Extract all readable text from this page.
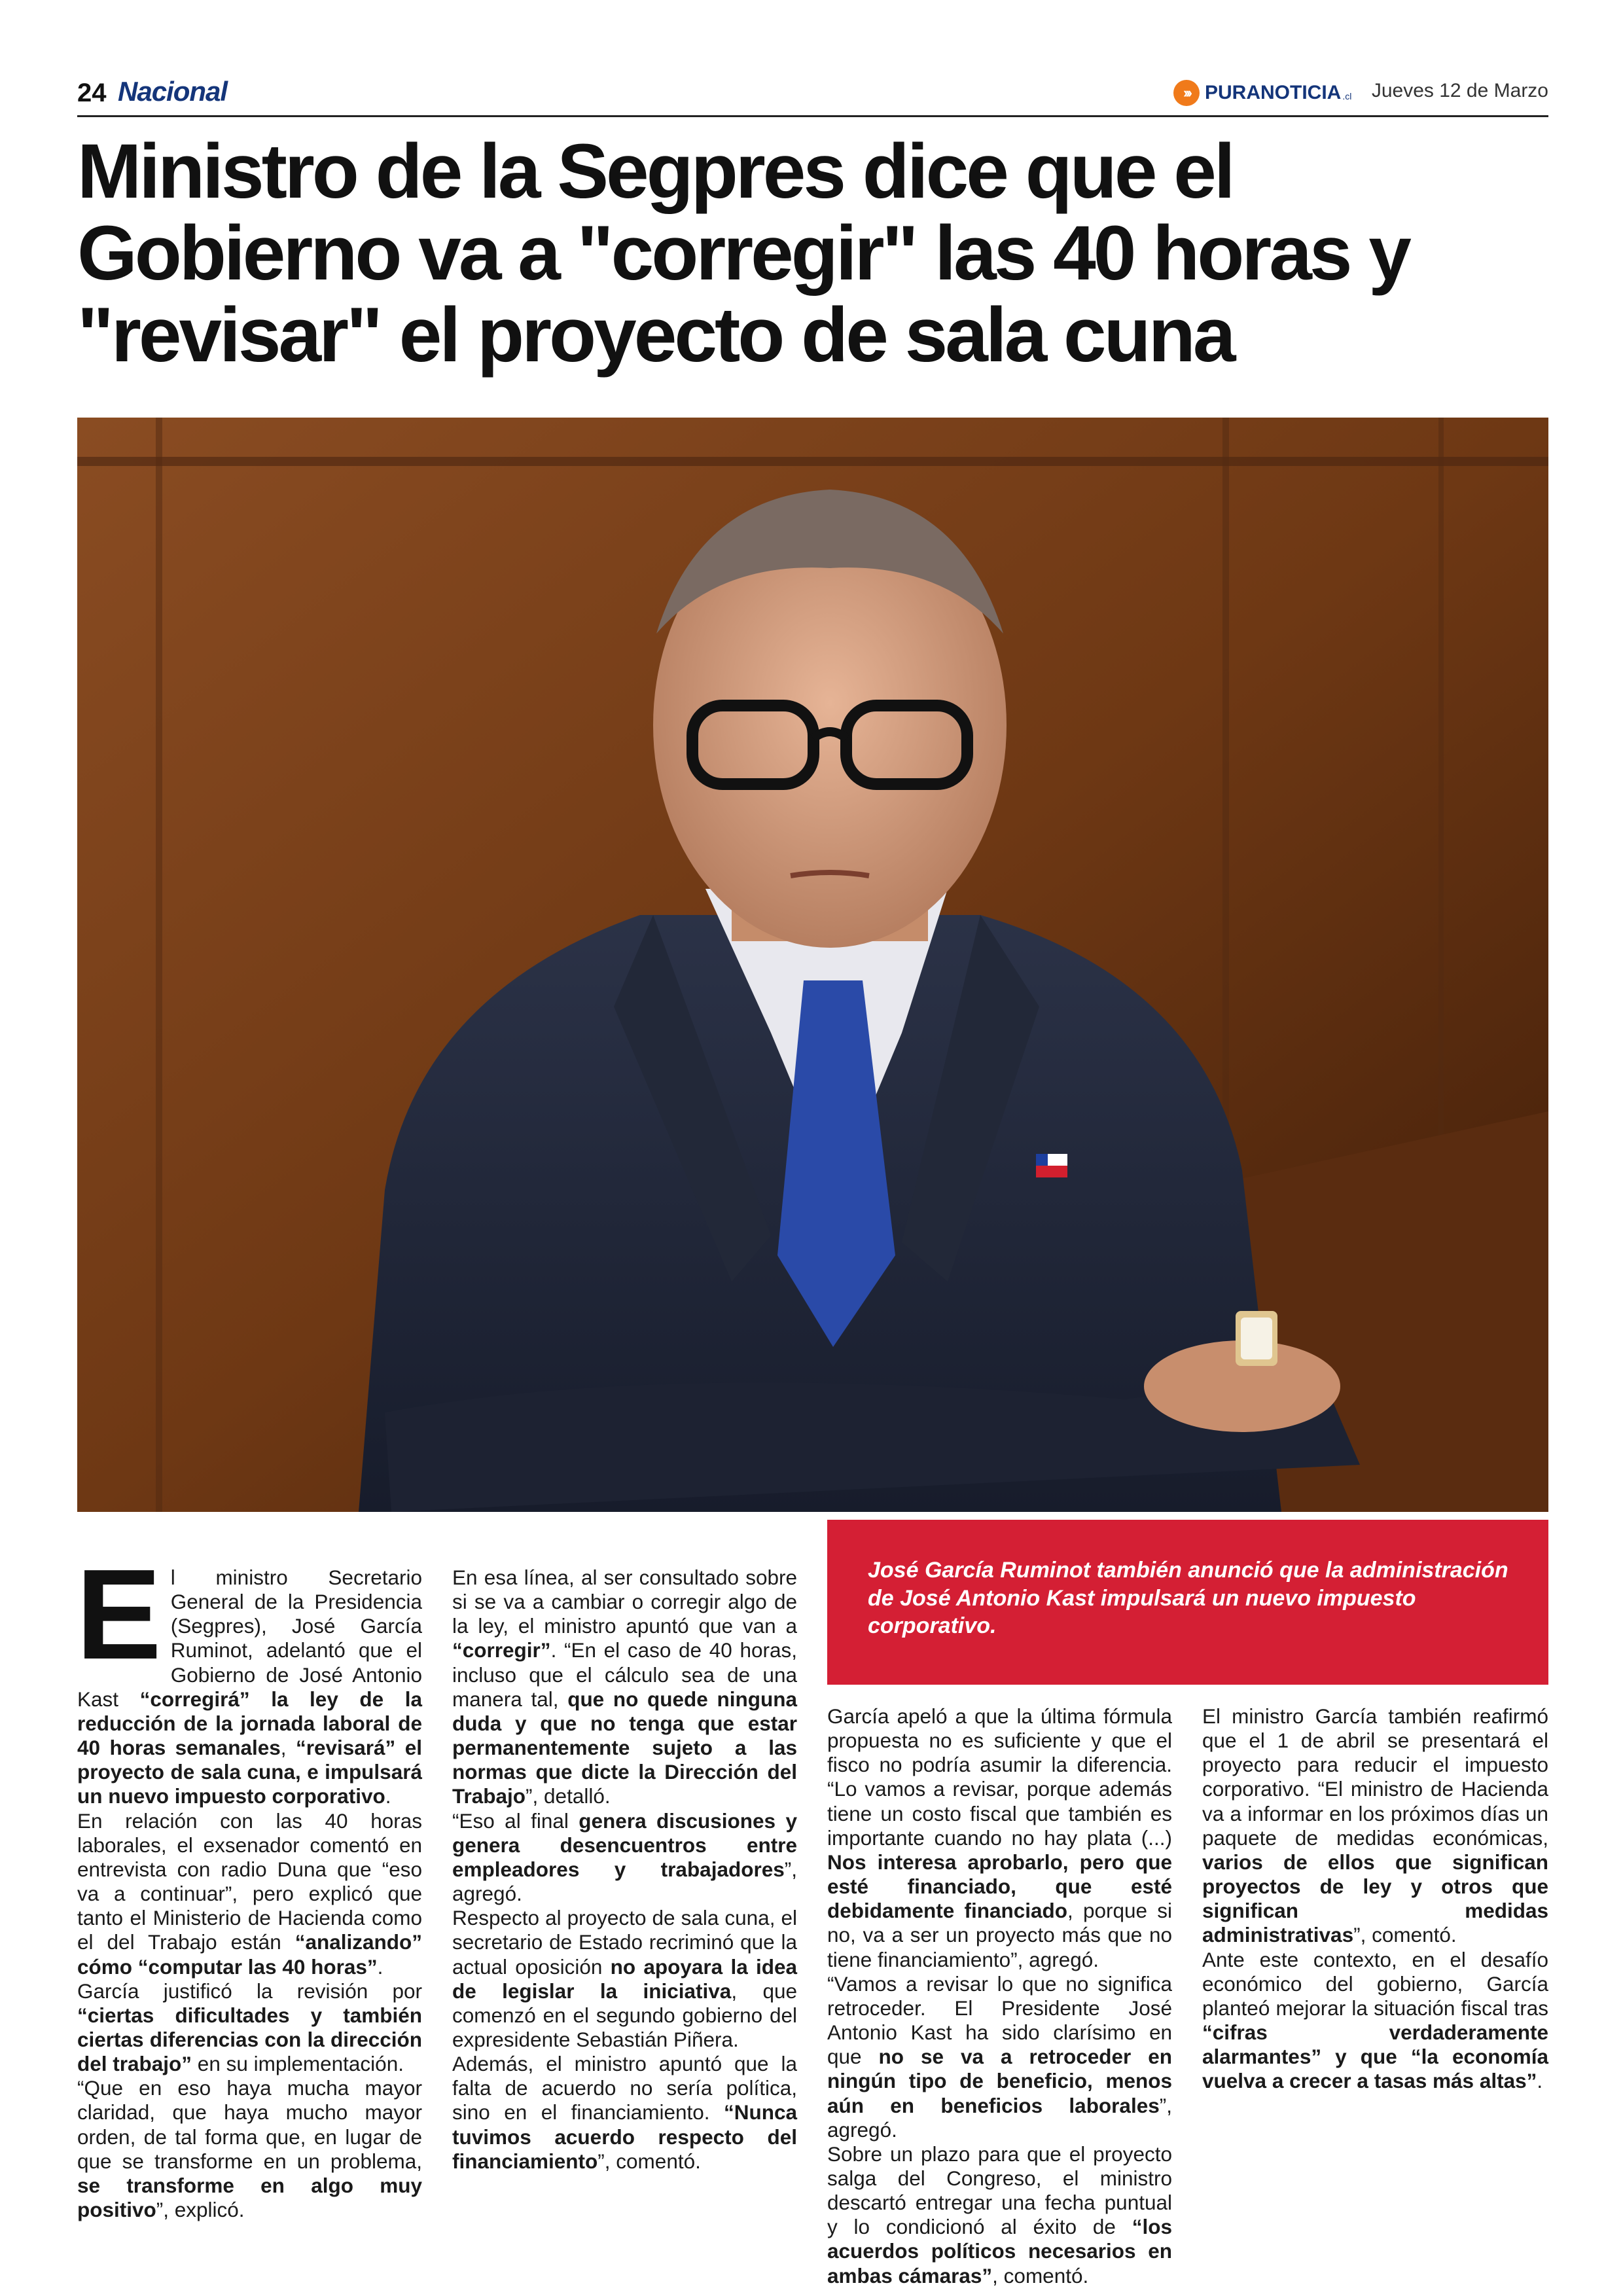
24 Nacional	››› PURANOTICIA .cl Jueves 12 de Marzo
Ministro de la Segpres dice que el Gobierno va a "corregir" las 40 horas y "revisar" el proyecto de sala cuna
José García Ruminot también anunció que la administración de José Antonio Kast impulsará un nuevo impuesto corporativo.
El ministro Secretario General de la Presidencia (Segpres), José García Ruminot, adelantó que el Gobierno de José Antonio Kast “corregirá” la ley de la reducción de la jornada laboral de 40 horas semanales, “revisará” el proyecto de sala cuna, e impulsará un nuevo impuesto corporativo.
En relación con las 40 horas laborales, el exsenador comentó en entrevista con radio Duna que “eso va a continuar”, pero explicó que tanto el Ministerio de Hacienda como el del Trabajo están “analizando” cómo “computar las 40 horas”.
García justificó la revisión por “ciertas dificultades y también ciertas diferencias con la dirección del trabajo” en su implementación.
“Que en eso haya mucha mayor claridad, que haya mucho mayor orden, de tal forma que, en lugar de que se transforme en un problema, se transforme en algo muy positivo”, explicó.
En esa línea, al ser consultado sobre si se va a cambiar o corregir algo de la ley, el ministro apuntó que van a “corregir”. “En el caso de 40 horas, incluso que el cálculo sea de una manera tal, que no quede ninguna duda y que no tenga que estar permanentemente sujeto a las normas que dicte la Dirección del Trabajo”, detalló.
“Eso al final genera discusiones y genera desencuentros entre empleadores y trabajadores”, agregó.
Respecto al proyecto de sala cuna, el secretario de Estado recriminó que la actual oposición no apoyara la idea de legislar la iniciativa, que comenzó en el segundo gobierno del expresidente Sebastián Piñera.
Además, el ministro apuntó que la falta de acuerdo no sería política, sino en el financiamiento. “Nunca tuvimos acuerdo respecto del financiamiento”, comentó.
García apeló a que la última fórmula propuesta no es suficiente y que el fisco no podría asumir la diferencia. “Lo vamos a revisar, porque además tiene un costo fiscal que también es importante cuando no hay plata (...) Nos interesa aprobarlo, pero que esté financiado, que esté debidamente financiado, porque si no, va a ser un proyecto más que no tiene financiamiento”, agregó.
“Vamos a revisar lo que no significa retroceder. El Presidente José Antonio Kast ha sido clarísimo en que no se va a retroceder en ningún tipo de beneficio, menos aún en beneficios laborales”, agregó.
Sobre un plazo para que el proyecto salga del Congreso, el ministro descartó entregar una fecha puntual y lo condicionó al éxito de “los acuerdos políticos necesarios en ambas cámaras”, comentó.
El ministro García también reafirmó que el 1 de abril se presentará el proyecto para reducir el impuesto corporativo. “El ministro de Hacienda va a informar en los próximos días un paquete de medidas económicas, varios de ellos que significan proyectos de ley y otros que significan medidas administrativas”, comentó.
Ante este contexto, en el desafío económico del gobierno, García planteó mejorar la situación fiscal tras “cifras verdaderamente alarmantes” y que “la economía vuelva a crecer a tasas más altas”.
